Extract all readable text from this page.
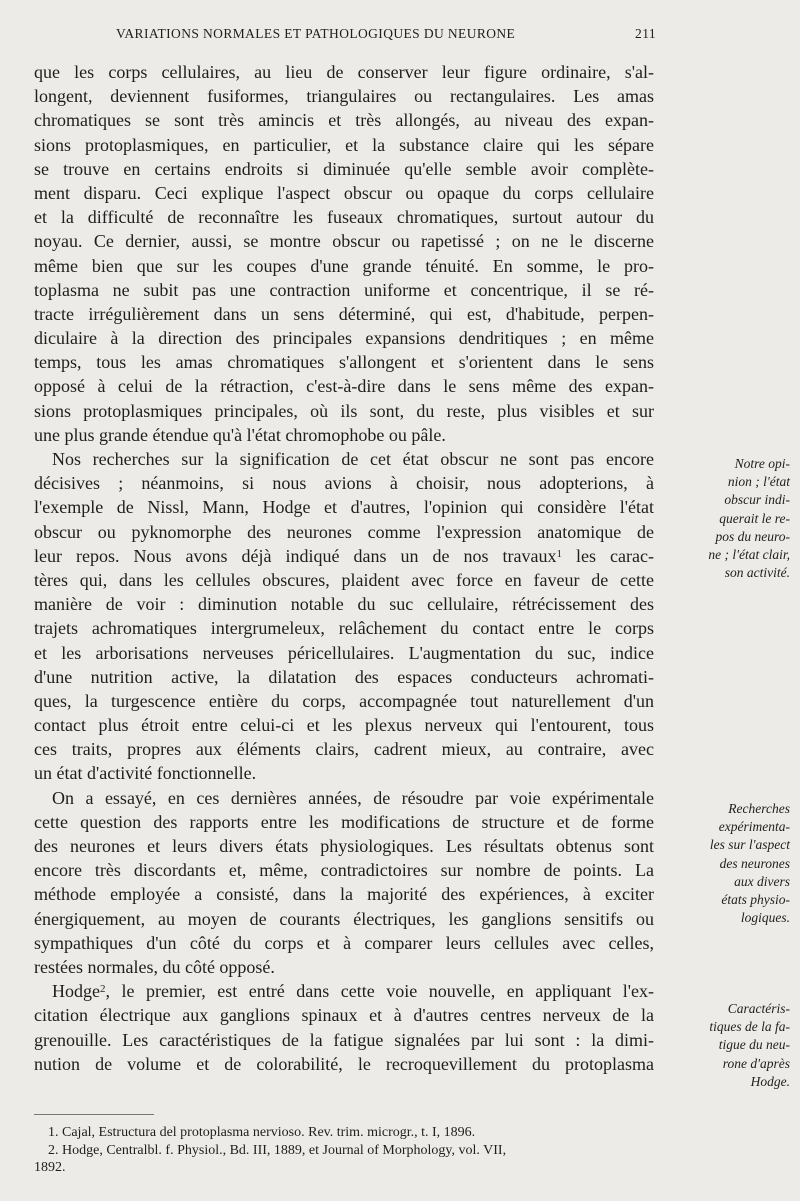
VARIATIONS NORMALES ET PATHOLOGIQUES DU NEURONE	211
que les corps cellulaires, au lieu de conserver leur figure ordinaire, s'al-
longent, deviennent fusiformes, triangulaires ou rectangulaires. Les amas
chromatiques se sont très amincis et très allongés, au niveau des expan-
sions protoplasmiques, en particulier, et la substance claire qui les sépare
se trouve en certains endroits si diminuée qu'elle semble avoir complète-
ment disparu. Ceci explique l'aspect obscur ou opaque du corps cellulaire
et la difficulté de reconnaître les fuseaux chromatiques, surtout autour du
noyau. Ce dernier, aussi, se montre obscur ou rapetissé ; on ne le discerne
même bien que sur les coupes d'une grande ténuité. En somme, le pro-
toplasma ne subit pas une contraction uniforme et concentrique, il se ré-
tracte irrégulièrement dans un sens déterminé, qui est, d'habitude, perpen-
diculaire à la direction des principales expansions dendritiques ; en même
temps, tous les amas chromatiques s'allongent et s'orientent dans le sens
opposé à celui de la rétraction, c'est-à-dire dans le sens même des expan-
sions protoplasmiques principales, où ils sont, du reste, plus visibles et sur
une plus grande étendue qu'à l'état chromophobe ou pâle.
Nos recherches sur la signification de cet état obscur ne sont pas encore
décisives ; néanmoins, si nous avions à choisir, nous adopterions, à
l'exemple de Nissl, Mann, Hodge et d'autres, l'opinion qui considère l'état
obscur ou pyknomorphe des neurones comme l'expression anatomique de
leur repos. Nous avons déjà indiqué dans un de nos travaux$^1$ les carac-
tères qui, dans les cellules obscures, plaident avec force en faveur de cette
manière de voir : diminution notable du suc cellulaire, rétrécissement des
trajets achromatiques intergrumeleux, relâchement du contact entre le corps
et les arborisations nerveuses péricellulaires. L'augmentation du suc, indice
d'une nutrition active, la dilatation des espaces conducteurs achromati-
ques, la turgescence entière du corps, accompagnée tout naturellement d'un
contact plus étroit entre celui-ci et les plexus nerveux qui l'entourent, tous
ces traits, propres aux éléments clairs, cadrent mieux, au contraire, avec
un état d'activité fonctionnelle.
On a essayé, en ces dernières années, de résoudre par voie expérimentale
cette question des rapports entre les modifications de structure et de forme
des neurones et leurs divers états physiologiques. Les résultats obtenus sont
encore très discordants et, même, contradictoires sur nombre de points. La
méthode employée a consisté, dans la majorité des expériences, à exciter
énergiquement, au moyen de courants électriques, les ganglions sensitifs ou
sympathiques d'un côté du corps et à comparer leurs cellules avec celles,
restées normales, du côté opposé.
Hodge$^2$, le premier, est entré dans cette voie nouvelle, en appliquant l'ex-
citation électrique aux ganglions spinaux et à d'autres centres nerveux de la
grenouille. Les caractéristiques de la fatigue signalées par lui sont : la dimi-
nution de volume et de colorabilité, le recroquevillement du protoplasma
Notre opi-
nion ; l'état
obscur indi-
querait le re-
pos du neuro-
ne ; l'état clair,
son activité.
Recherches
expérimenta-
les sur l'aspect
des neurones
aux divers
états physio-
logiques.
Caractéris-
tiques de la fa-
tigue du neu-
rone d'après
Hodge.
1. Cajal, Estructura del protoplasma nervioso. Rev. trim. microgr., t. I, 1896.
2. Hodge, Centralbl. f. Physiol., Bd. III, 1889, et Journal of Morphology, vol. VII,
1892.
